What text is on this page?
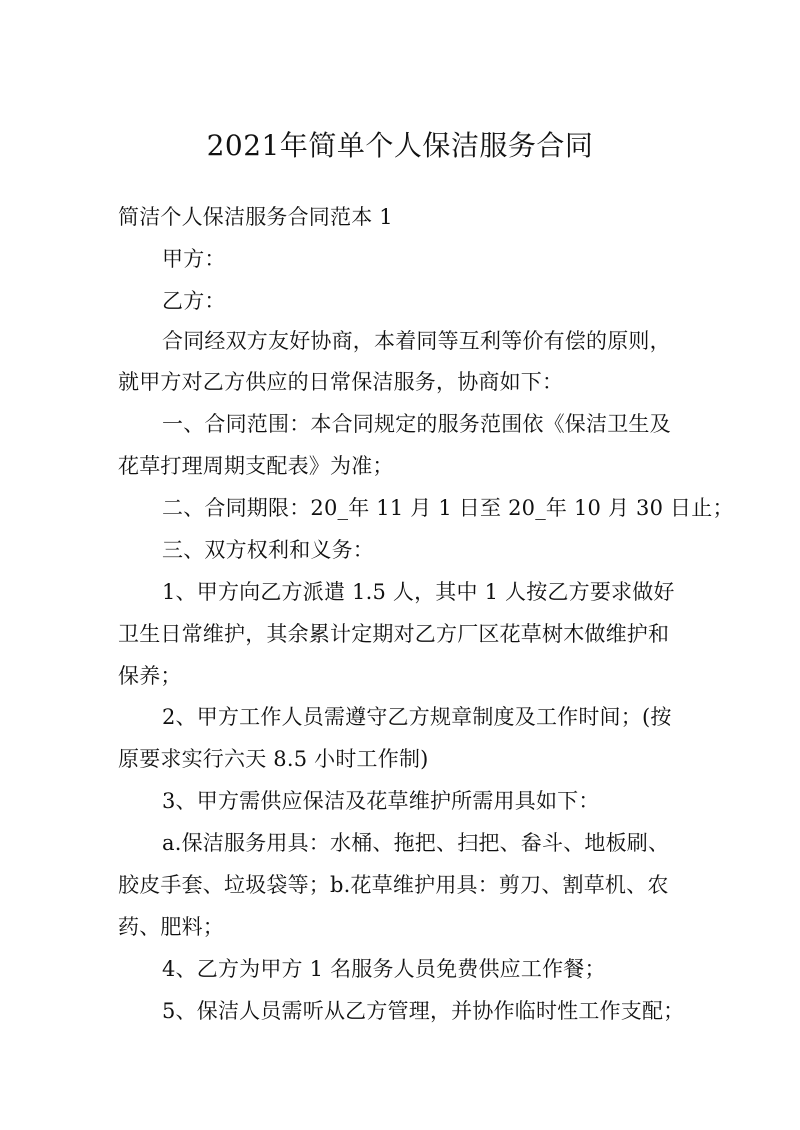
2021年简单个人保洁服务合同
简洁个人保洁服务合同范本 1
甲方：
乙方：
合同经双方友好协商，本着同等互利等价有偿的原则，
就甲方对乙方供应的日常保洁服务，协商如下：
一、合同范围：本合同规定的服务范围依《保洁卫生及
花草打理周期支配表》为准；
二、合同期限：20_年 11 月 1 日至 20_年 10 月 30 日止；
三、双方权利和义务：
1、甲方向乙方派遣 1.5 人，其中 1 人按乙方要求做好
卫生日常维护，其余累计定期对乙方厂区花草树木做维护和
保养；
2、甲方工作人员需遵守乙方规章制度及工作时间；(按
原要求实行六天 8.5 小时工作制)
3、甲方需供应保洁及花草维护所需用具如下：
a.保洁服务用具：水桶、拖把、扫把、畚斗、地板刷、
胶皮手套、垃圾袋等；b.花草维护用具：剪刀、割草机、农
药、肥料；
4、乙方为甲方 1 名服务人员免费供应工作餐；
5、保洁人员需听从乙方管理，并协作临时性工作支配；
